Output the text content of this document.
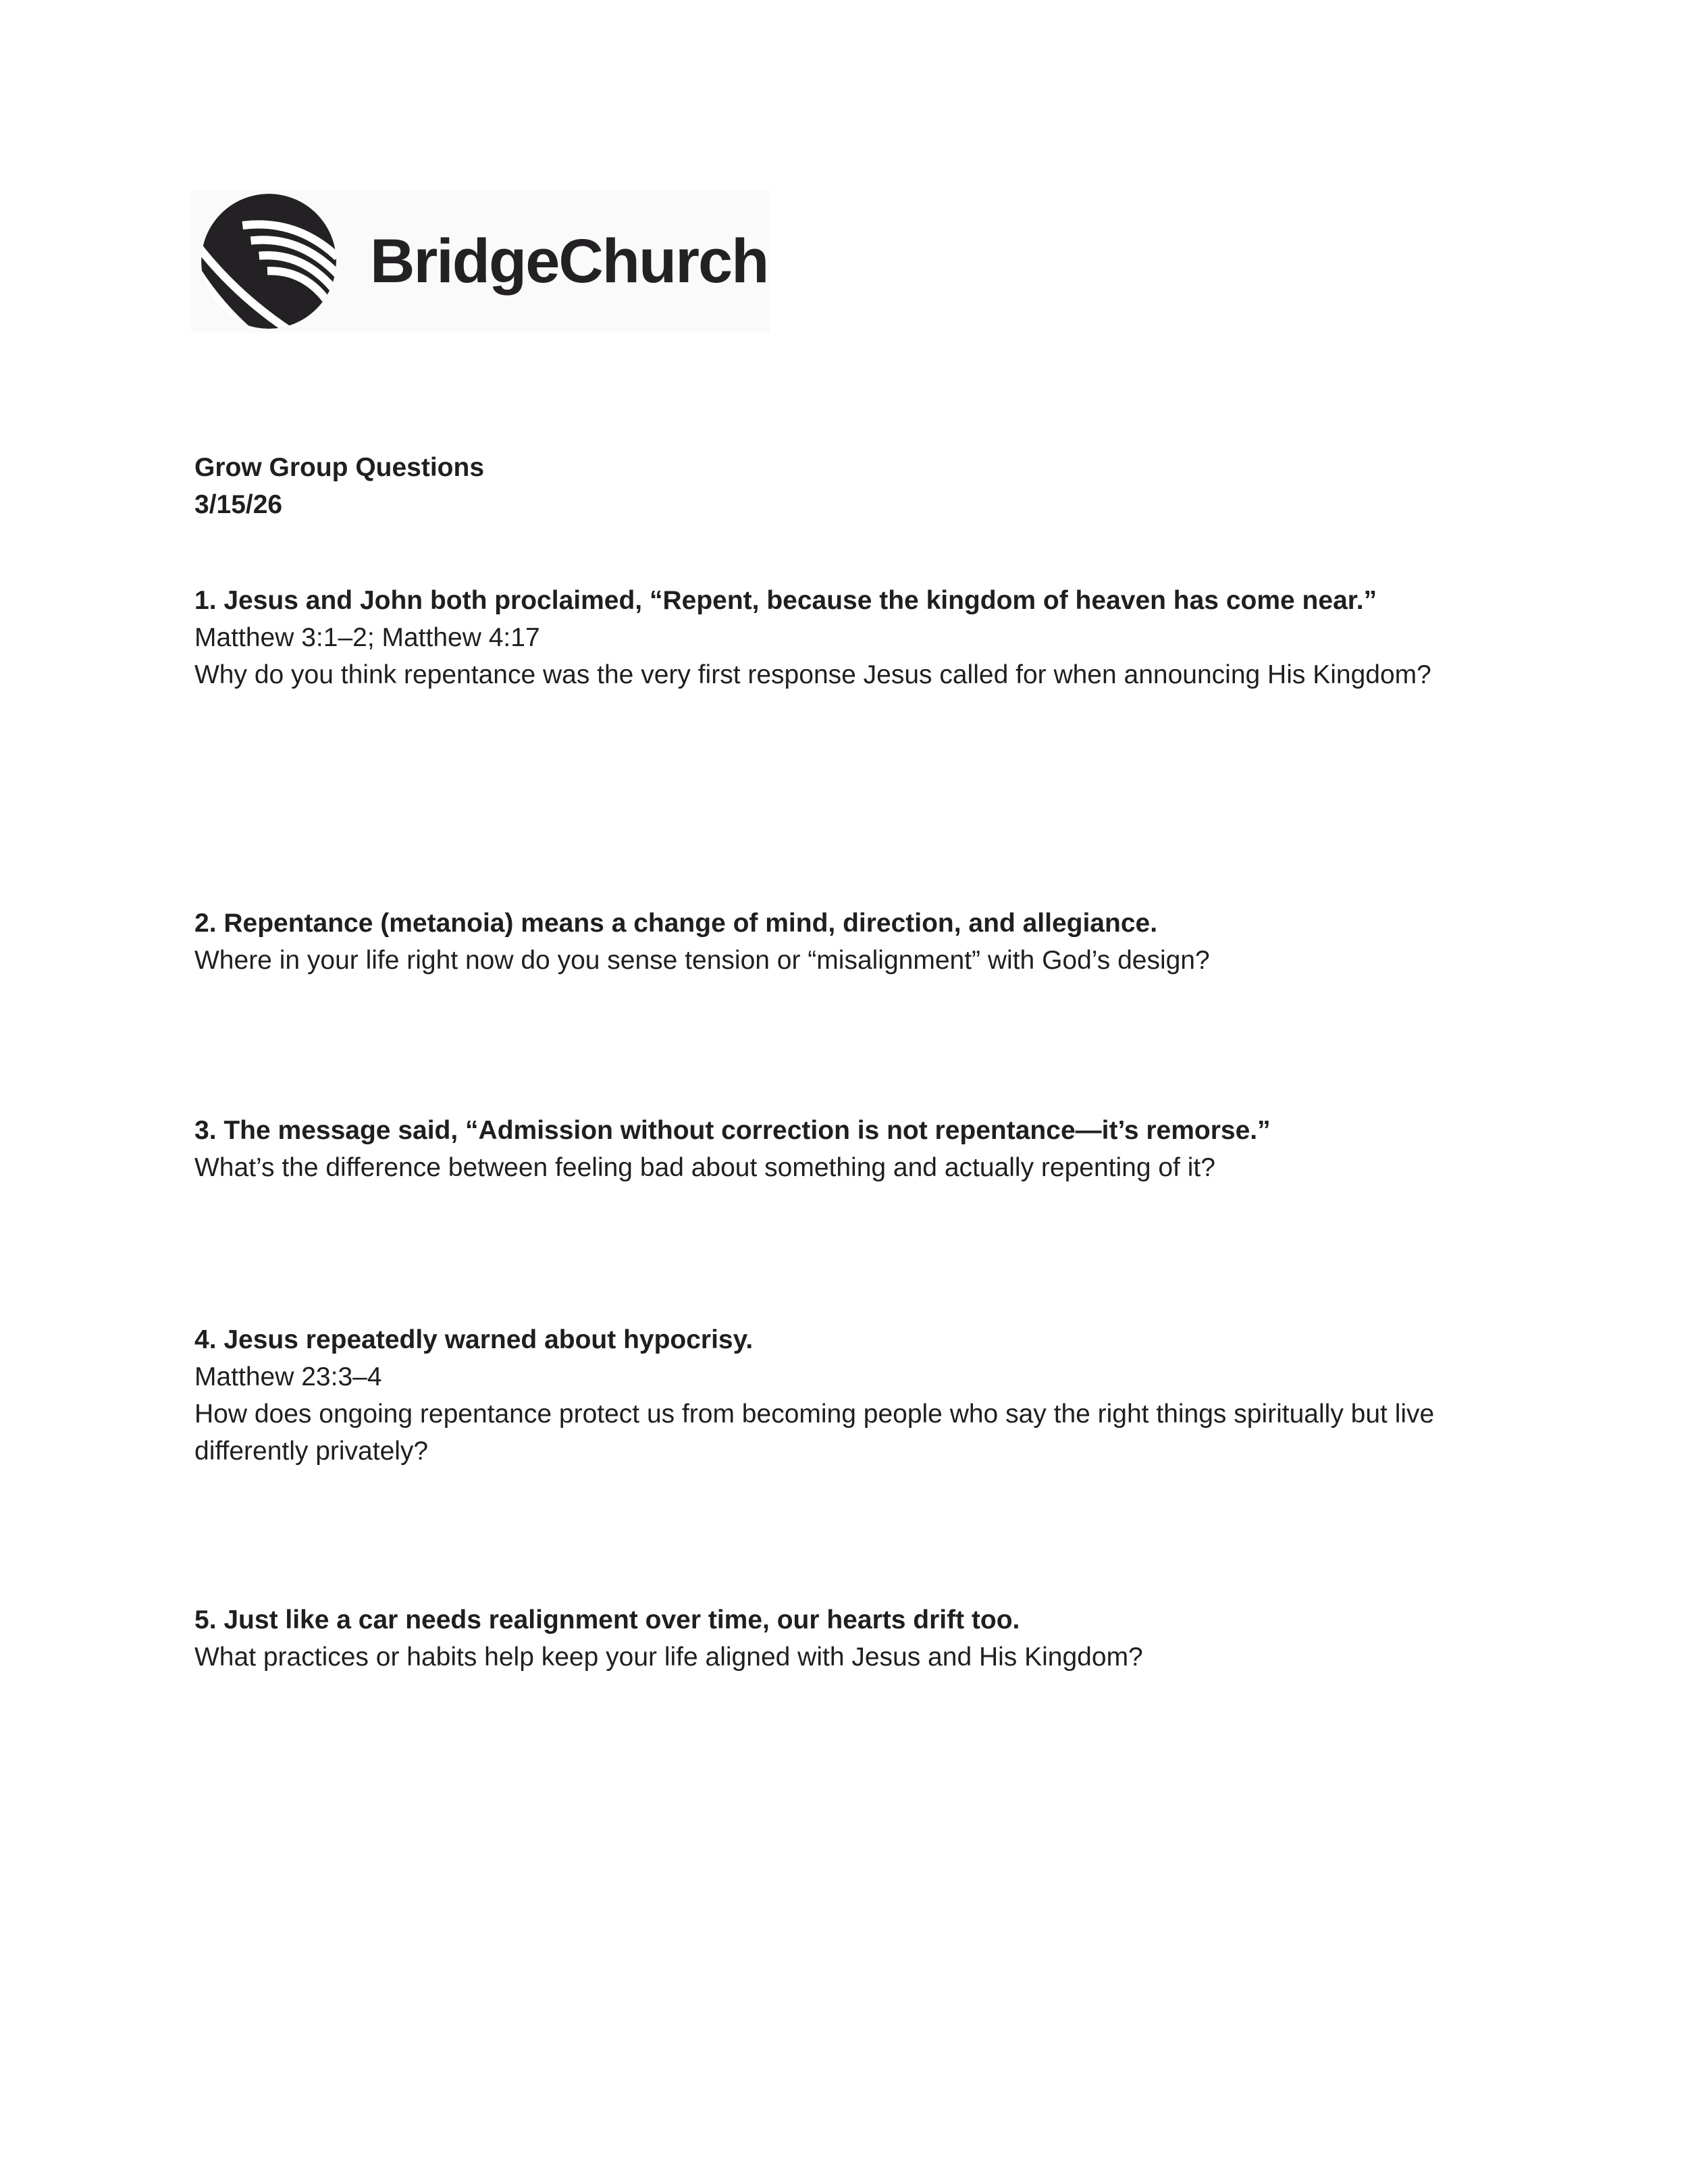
BridgeChurch
Grow Group Questions
3/15/26
1. Jesus and John both proclaimed, “Repent, because the kingdom of heaven has come near.”
Matthew 3:1–2; Matthew 4:17
Why do you think repentance was the very first response Jesus called for when announcing His Kingdom?
2. Repentance (metanoia) means a change of mind, direction, and allegiance.
Where in your life right now do you sense tension or “misalignment” with God’s design?
3. The message said, “Admission without correction is not repentance—it’s remorse.”
What’s the difference between feeling bad about something and actually repenting of it?
4. Jesus repeatedly warned about hypocrisy.
Matthew 23:3–4
How does ongoing repentance protect us from becoming people who say the right things spiritually but live differently privately?
5. Just like a car needs realignment over time, our hearts drift too.
What practices or habits help keep your life aligned with Jesus and His Kingdom?
